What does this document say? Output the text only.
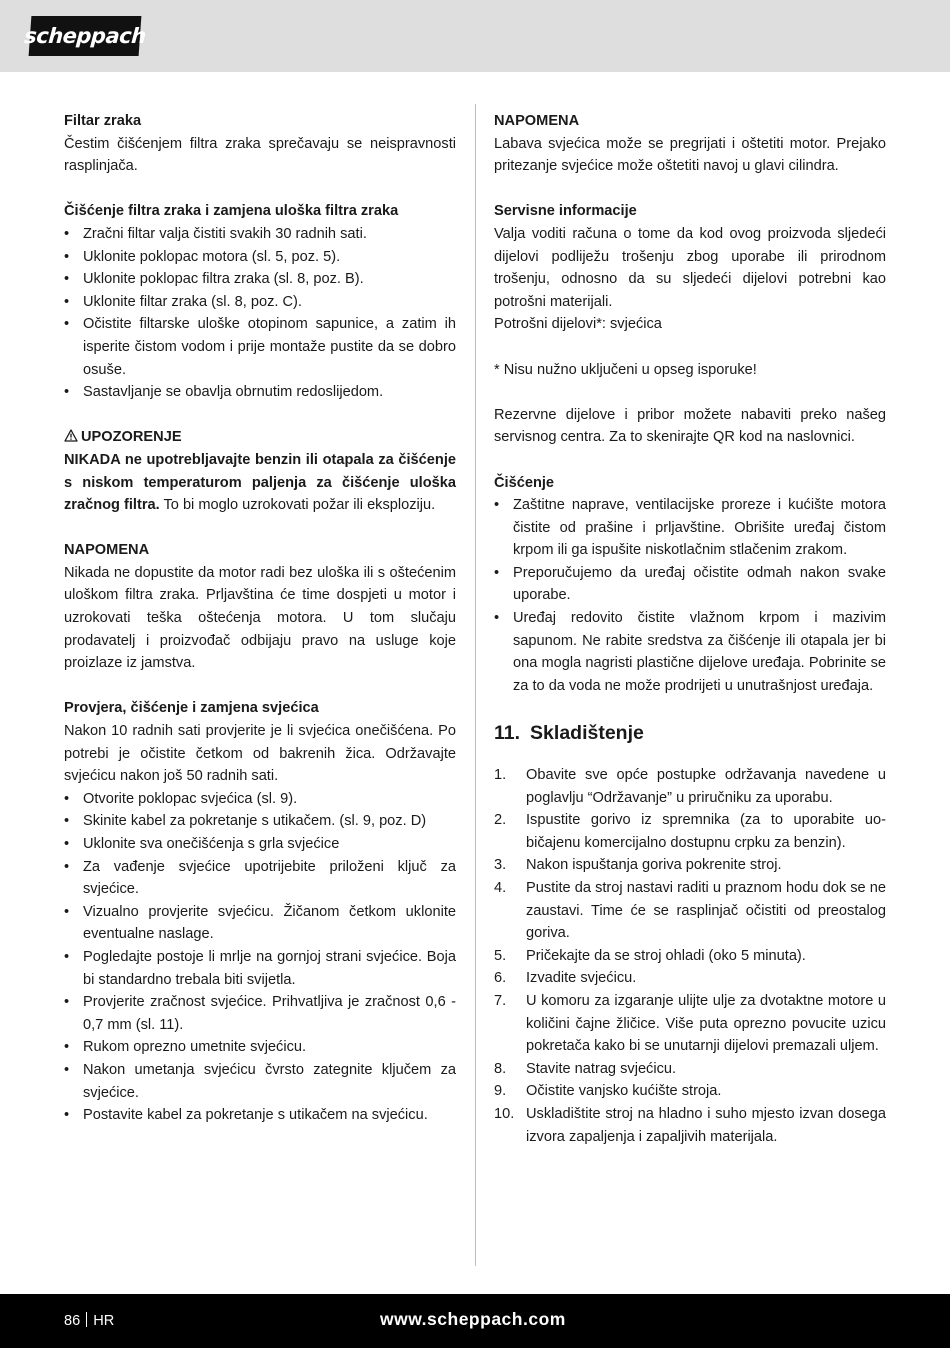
scheppach
Filtar zraka

Čestim čišćenjem filtra zraka sprečavaju se neispravnosti rasplinjača.

Čišćenje filtra zraka i zamjena uloška filtra zraka
• Zračni filtar valja čistiti svakih 30 radnih sati.
• Uklonite poklopac motora (sl. 5, poz. 5).
• Uklonite poklopac filtra zraka (sl. 8, poz. B).
• Uklonite filtar zraka (sl. 8, poz. C).
• Očistite filtarske uloške otopinom sapunice, a zatim ih isperite čistom vodom i prije montaže pustite da se dobro osuše.
• Sastavljanje se obavlja obrnutim redoslijedom.
UPOZORENJE

NIKADA ne upotrebljavajte benzin ili otapala za čišćenje s niskom temperaturom paljenja za čišćenje uloška zračnog filtra. To bi moglo uzrokovati požar ili eksploziju.

NAPOMENA

Nikada ne dopustite da motor radi bez uloška ili s oštećenim uloškom filtra zraka. Prljavština će time dospjeti u motor i uzrokovati teška oštećenja motora. U tom slučaju prodavatelj i proizvođač odbijaju pravo na usluge koje proizlaze iz jamstva.

Provjera, čišćenje i zamjena svjećica

Nakon 10 radnih sati provjerite je li svjećica onečišćena. Po potrebi je očistite četkom od bakrenih žica. Održavajte svjećicu nakon još 50 radnih sati.

• Otvorite poklopac svjećica (sl. 9).
• Skinite kabel za pokretanje s utikačem. (sl. 9, poz. D)
• Uklonite sva onečišćenja s grla svjećice
• Za vađenje svjećice upotrijebite priloženi ključ za svjećice.
• Vizualno provjerite svjećicu. Žičanom četkom uklonite eventualne naslage.
• Pogledajte postoje li mrlje na gornjoj strani svjećice. Boja bi standardno trebala biti svijetla.
• Provjerite zračnost svjećice. Prihvatljiva je zračnost 0,6 - 0,7 mm (sl. 11).
• Rukom oprezno umetnite svjećicu.
• Nakon umetanja svjećicu čvrsto zategnite ključem za svjećice.
• Postavite kabel za pokretanje s utikačem na svjećicu.
NAPOMENA

Labava svjećica može se pregrijati i oštetiti motor. Prejako pritezanje svjećice može oštetiti navoj u glavi cilindra.

Servisne informacije

Valja voditi računa o tome da kod ovog proizvoda sljedeći dijelovi podliježu trošenju zbog uporabe ili prirodnom trošenju, odnosno da su sljedeći dijelovi potrebni kao potrošni materijali.

Potrošni dijelovi*: svjećica

* Nisu nužno uključeni u opseg isporuke!

Rezervne dijelove i pribor možete nabaviti preko našeg servisnog centra. Za to skenirajte QR kod na naslovnici.

Čišćenje
• Zaštitne naprave, ventilacijske proreze i kućište motora čistite od prašine i prljavštine. Obrišite uređaj čistom krpom ili ga ispušite niskotlačnim stlačenim zrakom.
• Preporučujemo da uređaj očistite odmah nakon svake uporabe.
• Uređaj redovito čistite vlažnom krpom i mazivim sapunom. Ne rabite sredstva za čišćenje ili otapala jer bi ona mogla nagristi plastične dijelove uređaja. Pobrinite se za to da voda ne može prodrijeti u unutrašnjost uređaja.
11. Skladištenje
1. Obavite sve opće postupke održavanja navedene u poglavlju “Održavanje” u priručniku za uporabu.
2. Ispustite gorivo iz spremnika (za to uporabite uobičajenu komercijalno dostupnu crpku za benzin).
3. Nakon ispuštanja goriva pokrenite stroj.
4. Pustite da stroj nastavi raditi u praznom hodu dok se ne zaustavi. Time će se rasplinjač očistiti od preostalog goriva.
5. Pričekajte da se stroj ohladi (oko 5 minuta).
6. Izvadite svjećicu.
7. U komoru za izgaranje ulijte ulje za dvotaktne motore u količini čajne žličice. Više puta oprezno povucite uzicu pokretača kako bi se unutarnji dijelovi premazali uljem.
8. Stavite natrag svjećicu.
9. Očistite vanjsko kućište stroja.
10. Uskladištite stroj na hladno i suho mjesto izvan dosega izvora zapaljenja i zapaljivih materijala.
86 HR	www.scheppach.com
